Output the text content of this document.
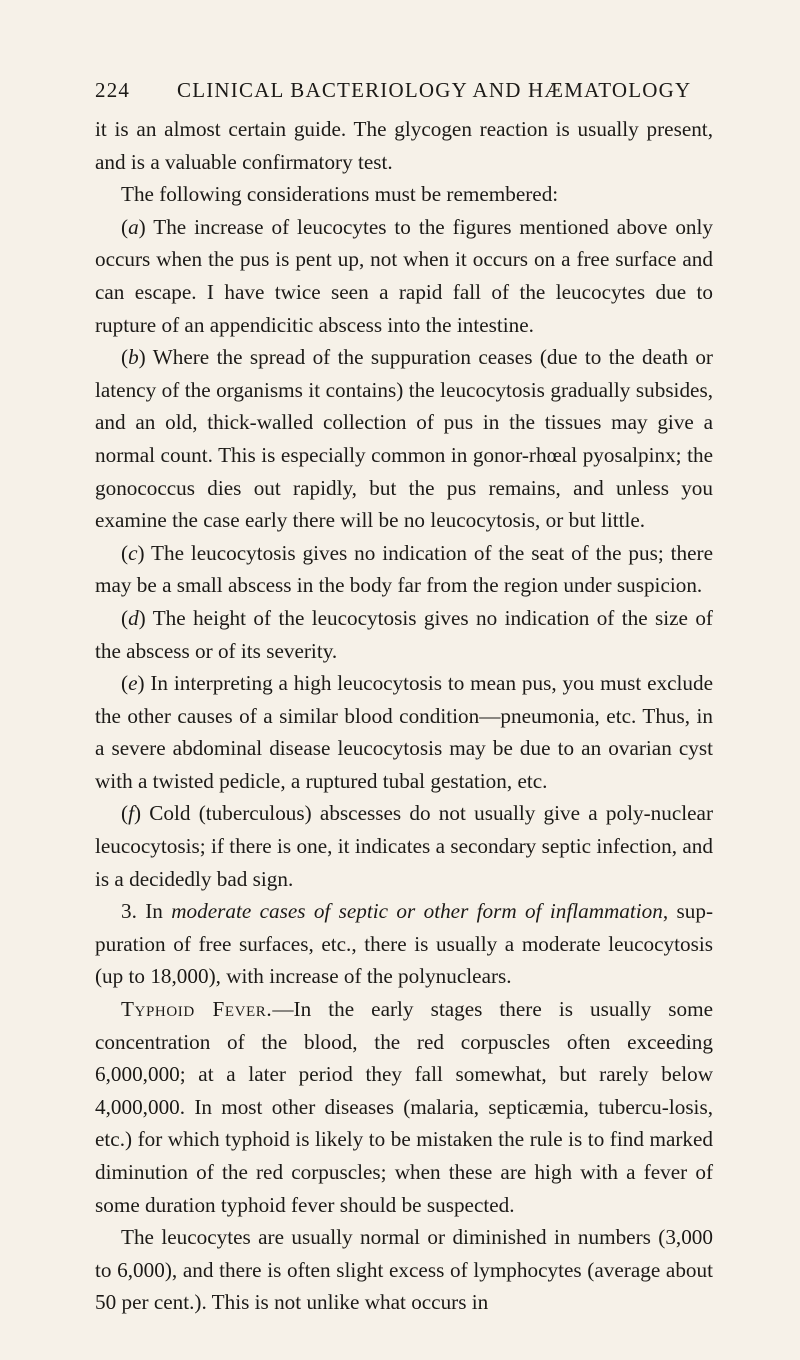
224 CLINICAL BACTERIOLOGY AND HÆMATOLOGY

it is an almost certain guide. The glycogen reaction is usually present, and is a valuable confirmatory test.

The following considerations must be remembered:

(a) The increase of leucocytes to the figures mentioned above only occurs when the pus is pent up, not when it occurs on a free surface and can escape. I have twice seen a rapid fall of the leucocytes due to rupture of an appendicitic abscess into the intestine.

(b) Where the spread of the suppuration ceases (due to the death or latency of the organisms it contains) the leucocytosis gradually subsides, and an old, thick-walled collection of pus in the tissues may give a normal count. This is especially common in gonor-rhœal pyosalpinx; the gonococcus dies out rapidly, but the pus remains, and unless you examine the case early there will be no leucocytosis, or but little.

(c) The leucocytosis gives no indication of the seat of the pus; there may be a small abscess in the body far from the region under suspicion.

(d) The height of the leucocytosis gives no indication of the size of the abscess or of its severity.

(e) In interpreting a high leucocytosis to mean pus, you must exclude the other causes of a similar blood condition—pneumonia, etc. Thus, in a severe abdominal disease leucocytosis may be due to an ovarian cyst with a twisted pedicle, a ruptured tubal gestation, etc.

(f) Cold (tuberculous) abscesses do not usually give a poly-nuclear leucocytosis; if there is one, it indicates a secondary septic infection, and is a decidedly bad sign.

3. In moderate cases of septic or other form of inflammation, sup-puration of free surfaces, etc., there is usually a moderate leucocytosis (up to 18,000), with increase of the polynuclears.

Typhoid Fever.—In the early stages there is usually some concentration of the blood, the red corpuscles often exceeding 6,000,000; at a later period they fall somewhat, but rarely below 4,000,000. In most other diseases (malaria, septicæmia, tubercu-losis, etc.) for which typhoid is likely to be mistaken the rule is to find marked diminution of the red corpuscles; when these are high with a fever of some duration typhoid fever should be suspected.

The leucocytes are usually normal or diminished in numbers (3,000 to 6,000), and there is often slight excess of lymphocytes (average about 50 per cent.). This is not unlike what occurs in
